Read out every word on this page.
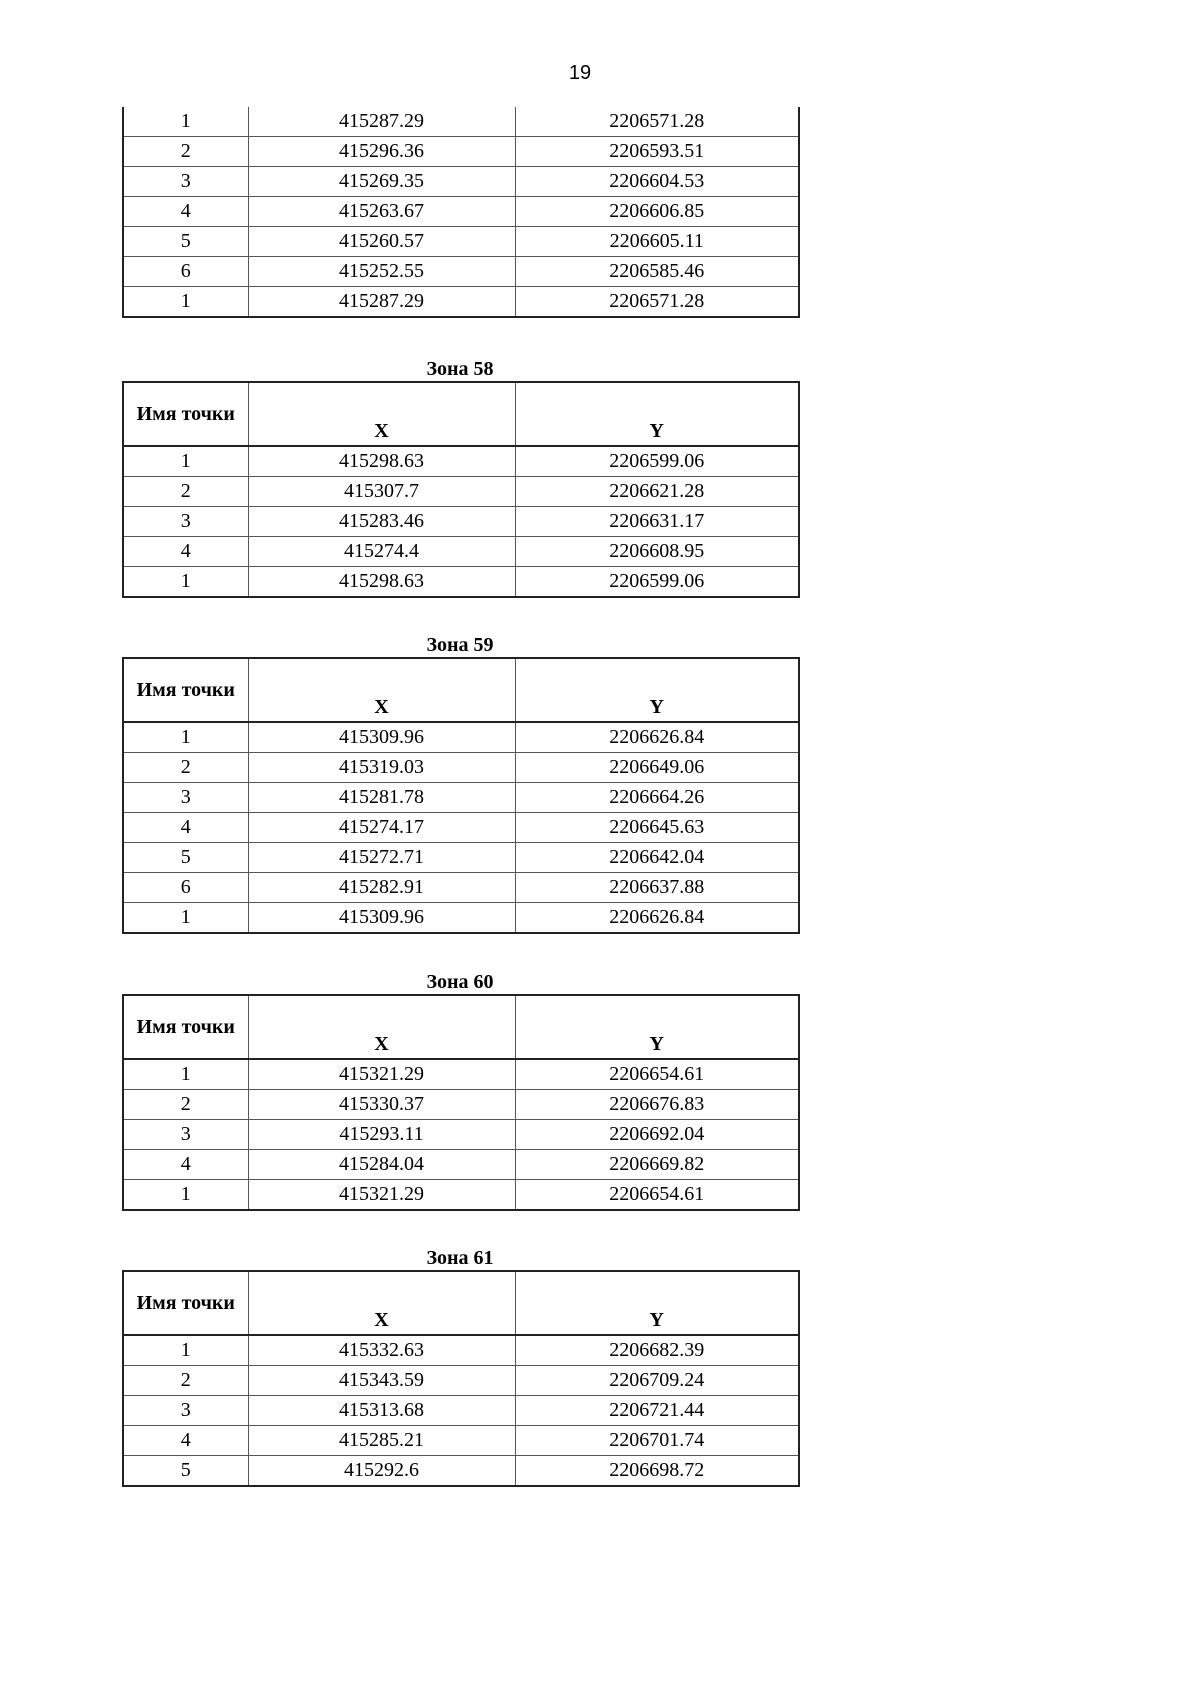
19
1	415287.29	2206571.28
2	415296.36	2206593.51
3	415269.35	2206604.53
4	415263.67	2206606.85
5	415260.57	2206605.11
6	415252.55	2206585.46
1	415287.29	2206571.28
Зона 58
Имя точки	X	Y
1	415298.63	2206599.06
2	415307.7	2206621.28
3	415283.46	2206631.17
4	415274.4	2206608.95
1	415298.63	2206599.06
Зона 59
Имя точки	X	Y
1	415309.96	2206626.84
2	415319.03	2206649.06
3	415281.78	2206664.26
4	415274.17	2206645.63
5	415272.71	2206642.04
6	415282.91	2206637.88
1	415309.96	2206626.84
Зона 60
Имя точки	X	Y
1	415321.29	2206654.61
2	415330.37	2206676.83
3	415293.11	2206692.04
4	415284.04	2206669.82
1	415321.29	2206654.61
Зона 61
Имя точки	X	Y
1	415332.63	2206682.39
2	415343.59	2206709.24
3	415313.68	2206721.44
4	415285.21	2206701.74
5	415292.6	2206698.72
